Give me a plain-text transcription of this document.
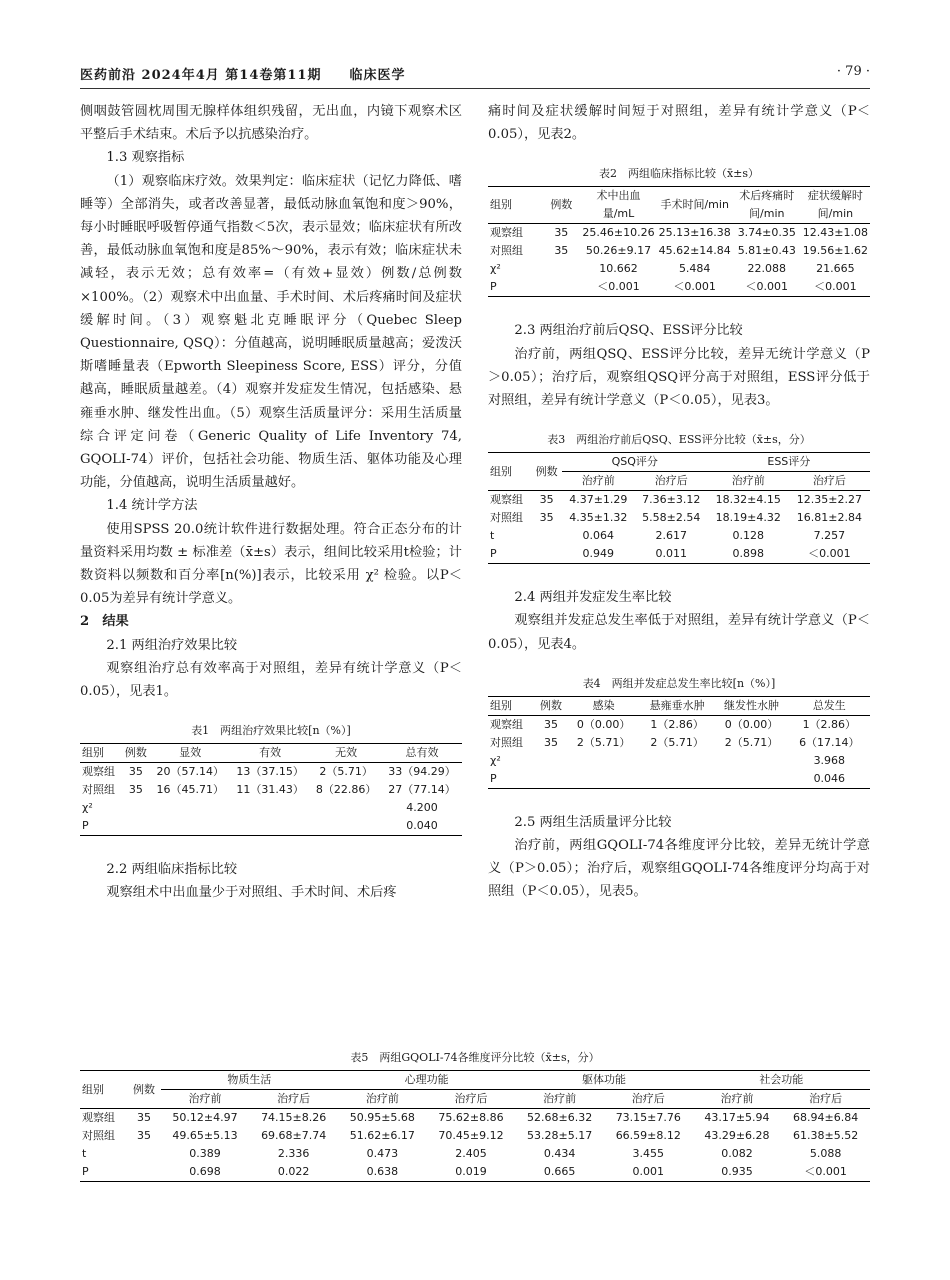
医药前沿 2024年4月 第14卷第11期　　临床医学	· 79 ·

侧咽鼓管圆枕周围无腺样体组织残留，无出血，内镜下观察术区平整后手术结束。术后予以抗感染治疗。

1.3 观察指标

（1）观察临床疗效。效果判定：临床症状（记忆力降低、嗜睡等）全部消失，或者改善显著，最低动脉血氧饱和度＞90%，每小时睡眠呼吸暂停通气指数＜5次，表示显效；临床症状有所改善，最低动脉血氧饱和度是85%～90%，表示有效；临床症状未减轻，表示无效；总有效率=（有效+显效）例数/总例数×100%。（2）观察术中出血量、手术时间、术后疼痛时间及症状缓解时间。（3）观察魁北克睡眠评分（Quebec Sleep Questionnaire, QSQ）：分值越高，说明睡眠质量越高；爱泼沃斯嗜睡量表（Epworth Sleepiness Score, ESS）评分，分值越高，睡眠质量越差。（4）观察并发症发生情况，包括感染、悬雍垂水肿、继发性出血。（5）观察生活质量评分：采用生活质量综合评定问卷（Generic Quality of Life Inventory 74, GQOLI-74）评价，包括社会功能、物质生活、躯体功能及心理功能，分值越高，说明生活质量越好。

1.4 统计学方法

使用SPSS 20.0统计软件进行数据处理。符合正态分布的计量资料采用均数 ± 标准差（x̄±s）表示，组间比较采用t检验；计数资料以频数和百分率[n(%)]表示，比较采用 χ² 检验。以P＜ 0.05为差异有统计学意义。

2　结果

2.1 两组治疗效果比较

观察组治疗总有效率高于对照组，差异有统计学意义（P＜0.05），见表1。

表1　两组治疗效果比较[n（%）]
组别	例数	显效	有效	无效	总有效
观察组	35	20（57.14）	13（37.15）	2（5.71）	33（94.29）
对照组	35	16（45.71）	11（31.43）	8（22.86）	27（77.14）
χ²					4.200
P					0.040

2.2 两组临床指标比较

观察组术中出血量少于对照组、手术时间、术后疼

痛时间及症状缓解时间短于对照组，差异有统计学意义（P＜0.05），见表2。

表2　两组临床指标比较（x̄±s）
组别	例数	术中出血量/mL	手术时间/min	术后疼痛时间/min	症状缓解时间/min
观察组	35	25.46±10.26	25.13±16.38	3.74±0.35	12.43±1.08
对照组	35	50.26±9.17	45.62±14.84	5.81±0.43	19.56±1.62
χ²		10.662	5.484	22.088	21.665
P		＜0.001	＜0.001	＜0.001	＜0.001

2.3 两组治疗前后QSQ、ESS评分比较

治疗前，两组QSQ、ESS评分比较，差异无统计学意义（P＞0.05）；治疗后，观察组QSQ评分高于对照组，ESS评分低于对照组，差异有统计学意义（P＜0.05），见表3。

表3　两组治疗前后QSQ、ESS评分比较（x̄±s，分）
组别	例数	QSQ评分		ESS评分	
		治疗前	治疗后	治疗前	治疗后
观察组	35	4.37±1.29	7.36±3.12	18.32±4.15	12.35±2.27
对照组	35	4.35±1.32	5.58±2.54	18.19±4.32	16.81±2.84
t		0.064	2.617	0.128	7.257
P		0.949	0.011	0.898	＜0.001

2.4 两组并发症发生率比较

观察组并发症总发生率低于对照组，差异有统计学意义（P＜0.05），见表4。

表4　两组并发症总发生率比较[n（%）]
组别	例数	感染	悬雍垂水肿	继发性水肿	总发生
观察组	35	0（0.00）	1（2.86）	0（0.00）	1（2.86）
对照组	35	2（5.71）	2（5.71）	2（5.71）	6（17.14）
χ²					3.968
P					0.046

2.5 两组生活质量评分比较

治疗前，两组GQOLI-74各维度评分比较，差异无统计学意义（P＞0.05）；治疗后，观察组GQOLI-74各维度评分均高于对照组（P＜0.05），见表5。

表5　两组GQOLI-74各维度评分比较（x̄±s，分）
组别	例数	物质生活		心理功能		躯体功能		社会功能	
		治疗前	治疗后	治疗前	治疗后	治疗前	治疗后	治疗前	治疗后
观察组	35	50.12±4.97	74.15±8.26	50.95±5.68	75.62±8.86	52.68±6.32	73.15±7.76	43.17±5.94	68.94±6.84
对照组	35	49.65±5.13	69.68±7.74	51.62±6.17	70.45±9.12	53.28±5.17	66.59±8.12	43.29±6.28	61.38±5.52
t		0.389	2.336	0.473	2.405	0.434	3.455	0.082	5.088
P		0.698	0.022	0.638	0.019	0.665	0.001	0.935	＜0.001
